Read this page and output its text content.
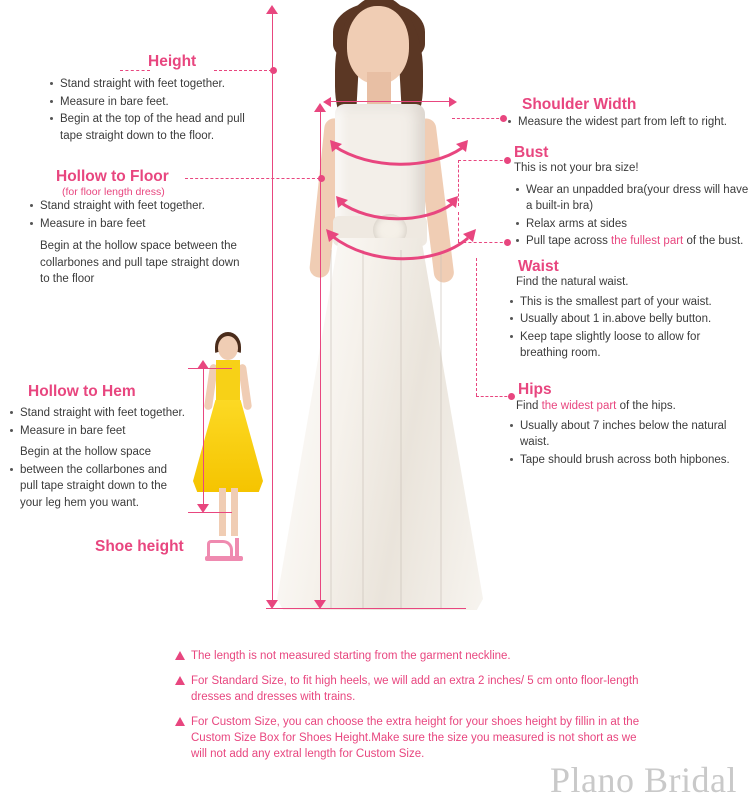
Height
Stand straight with feet together.
Measure in bare feet.
Begin at the top of the head and pull tape straight down to the floor.
Hollow to Floor
(for floor length dress)
Stand straight with feet together.
Measure in bare feet
Begin at the hollow space between the collarbones and pull tape straight down to the floor
Hollow to Hem
Stand straight with feet together.
Measure in bare feet
Begin at the hollow space
between the collarbones and pull tape straight down to the your leg hem you want.
Shoe height
Shoulder Width
Measure the widest part from left to right.
Bust
This is not your bra size!
Wear an unpadded bra(your dress will have a built-in bra)
Relax arms at sides
Pull tape across the fullest part of the bust.
Waist
Find the natural waist.
This is the smallest part of your waist.
Usually about 1 in.above belly button.
Keep tape slightly loose to allow for breathing room.
Hips
Find the widest part of the hips.
Usually about 7 inches below the natural waist.
Tape should brush across both hipbones.
The length is not measured starting from the garment neckline.
For Standard Size, to fit high heels, we will add an extra 2 inches/ 5 cm onto floor-length dresses and dresses with trains.
For Custom Size, you can choose the extra height for your shoes height by fillin in at the Custom Size Box for Shoes Height.Make sure the size you measured is not short as we will not add any extral length for Custom Size.
Plano Bridal
